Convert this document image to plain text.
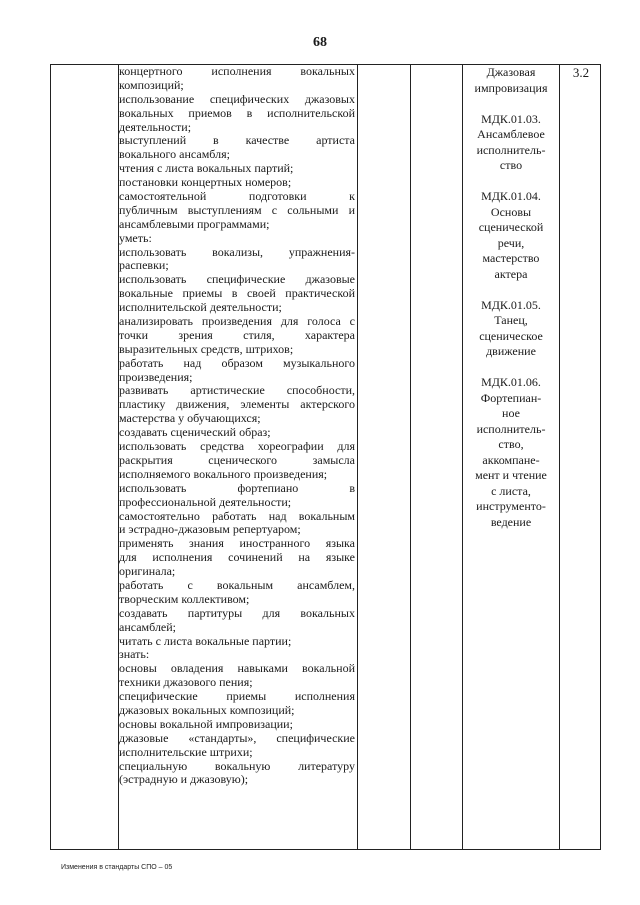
68
концертного исполнения вокальных
композиций;
использование специфических джазовых
вокальных приемов в исполнительской
деятельности;
выступлений в качестве артиста
вокального ансамбля;
чтения с листа вокальных партий;
постановки концертных номеров;
самостоятельной подготовки к
публичным выступлениям с сольными и
ансамблевыми программами;
уметь:
использовать вокализы, упражнения-
распевки;
использовать специфические джазовые
вокальные приемы в своей практической
исполнительской деятельности;
анализировать произведения для голоса с
точки зрения стиля, характера
выразительных средств, штрихов;
работать над образом музыкального
произведения;
развивать артистические способности,
пластику движения, элементы актерского
мастерства у обучающихся;
создавать сценический образ;
использовать средства хореографии для
раскрытия сценического замысла
исполняемого вокального произведения;
использовать фортепиано в
профессиональной деятельности;
самостоятельно работать над вокальным
и эстрадно-джазовым репертуаром;
применять знания иностранного языка
для исполнения сочинений на языке
оригинала;
работать с вокальным ансамблем,
творческим коллективом;
создавать партитуры для вокальных
ансамблей;
читать с листа вокальные партии;
знать:
основы овладения навыками вокальной
техники джазового пения;
специфические приемы исполнения
джазовых вокальных композиций;
основы вокальной импровизации;
джазовые «стандарты», специфические
исполнительские штрихи;
специальную вокальную литературу
(эстрадную и джазовую);
Джазовая
импровизация
МДК.01.03.
Ансамблевое
исполнитель-
ство
МДК.01.04.
Основы
сценической
речи,
мастерство
актера
МДК.01.05.
Танец,
сценическое
движение
МДК.01.06.
Фортепиан-
ное
исполнитель-
ство,
аккомпане-
мент и чтение
с листа,
инструменто-
ведение
3.2
Изменения в стандарты СПО – 05
